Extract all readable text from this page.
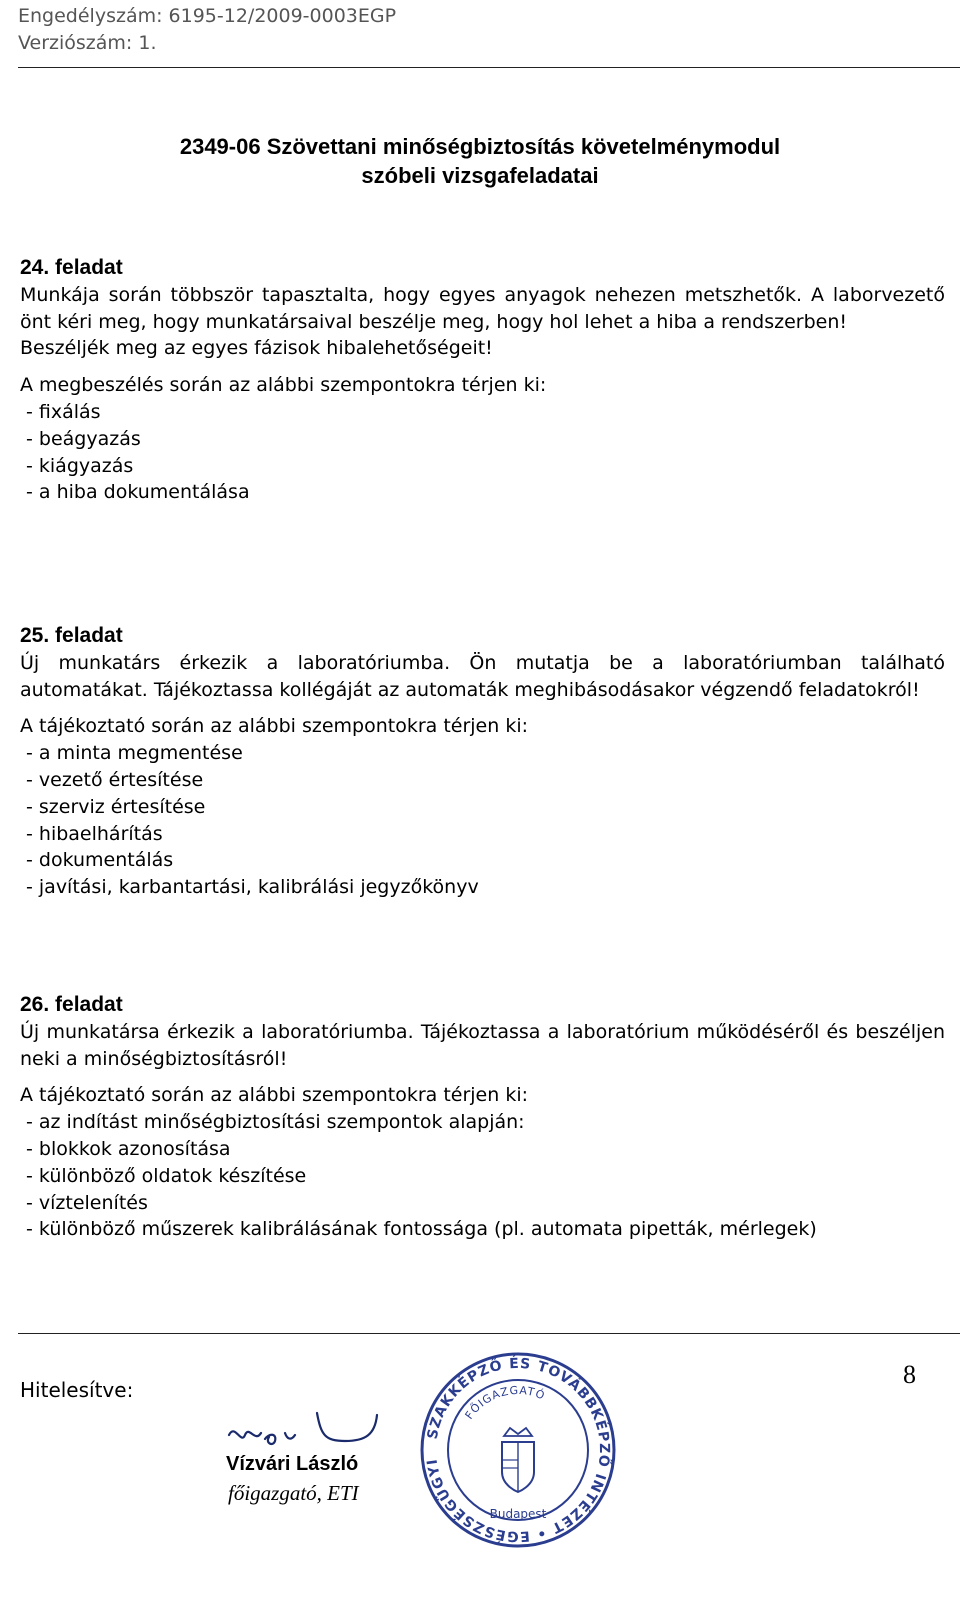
Engedélyszám: 6195-12/2009-0003EGP
Verziószám: 1.
2349-06 Szövettani minőségbiztosítás követelménymodul
szóbeli vizsgafeladatai
24. feladat

Munkája során többször tapasztalta, hogy egyes anyagok nehezen metszhetők. A laborvezető önt kéri meg, hogy munkatársaival beszélje meg, hogy hol lehet a hiba a rendszerben!

Beszéljék meg az egyes fázisok hibalehetőségeit!

A megbeszélés során az alábbi szempontokra térjen ki:

- fixálás
- beágyazás
- kiágyazás
- a hiba dokumentálása
25. feladat

Új munkatárs érkezik a laboratóriumba. Ön mutatja be a laboratóriumban található automatákat. Tájékoztassa kollégáját az automaták meghibásodásakor végzendő feladatokról!

A tájékoztató során az alábbi szempontokra térjen ki:

- a minta megmentése
- vezető értesítése
- szerviz értesítése
- hibaelhárítás
- dokumentálás
- javítási, karbantartási, kalibrálási jegyzőkönyv
26. feladat

Új munkatársa érkezik a laboratóriumba. Tájékoztassa a laboratórium működéséről és beszéljen neki a minőségbiztosításról!

A tájékoztató során az alábbi szempontokra térjen ki:

- az indítást minőségbiztosítási szempontok alapján:
- blokkok azonosítása
- különböző oldatok készítése
- víztelenítés
- különböző műszerek kalibrálásának fontossága (pl. automata pipetták, mérlegek)
Hitelesítve:
8
Vízvári László
főigazgató, ETI
SZAKKÉPZŐ ÉS TOVÁBBKÉPZŐ INTÉZET • EGÉSZSÉGÜGYI
FŐIGAZGATÓ
Budapest
